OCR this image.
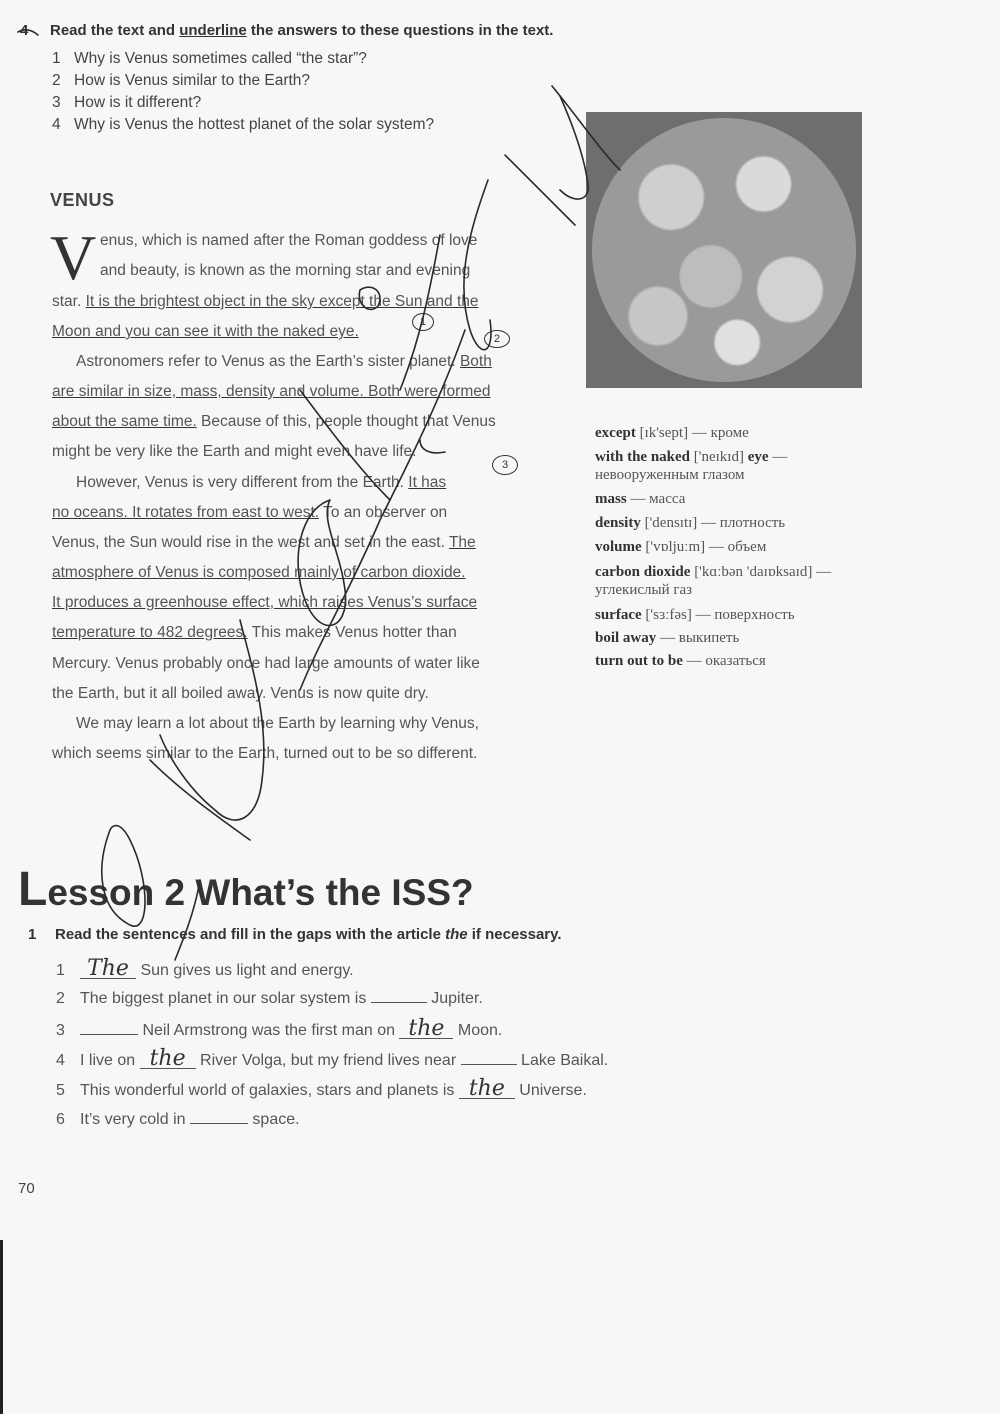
4 Read the text and underline the answers to these questions in the text.
1 Why is Venus sometimes called “the star”?
2 How is Venus similar to the Earth?
3 How is it different?
4 Why is Venus the hottest planet of the solar system?
VENUS
V enus, which is named after the Roman goddess of love
and beauty, is known as the morning star and evening
star. It is the brightest object in the sky except the Sun and the
Moon and you can see it with the naked eye.
Astronomers refer to Venus as the Earth’s sister planet. Both
are similar in size, mass, density and volume. Both were formed
about the same time. Because of this, people thought that Venus
might be very like the Earth and might even have life.
However, Venus is very different from the Earth. It has
no oceans. It rotates from east to west. To an observer on
Venus, the Sun would rise in the west and set in the east. The
atmosphere of Venus is composed mainly of carbon dioxide.
It produces a greenhouse effect, which raises Venus’s surface
temperature to 482 degrees. This makes Venus hotter than
Mercury. Venus probably once had large amounts of water like
the Earth, but it all boiled away. Venus is now quite dry.
We may learn a lot about the Earth by learning why Venus,
which seems similar to the Earth, turned out to be so different.
1
2
3
except [ɪk'sept] — кроме
with the naked ['neɪkɪd] eye —
невооруженным глазом
mass — масса
density ['densɪtɪ] — плотность
volume ['vɒljuːm] — объем
carbon dioxide ['kɑːbən 'daɪɒksaɪd] —
углекислый газ
surface ['sɜːfəs] — поверхность
boil away — выкипеть
turn out to be — оказаться
Lesson 2 What’s the ISS?
1 Read the sentences and fill in the gaps with the article the if necessary.
1 The Sun gives us light and energy.
2 The biggest planet in our solar system is	Jupiter.
3	Neil Armstrong was the first man on the Moon.
4 I live on the River Volga, but my friend lives near	Lake Baikal.
5 This wonderful world of galaxies, stars and planets is the Universe.
6 It’s very cold in	space.
70
